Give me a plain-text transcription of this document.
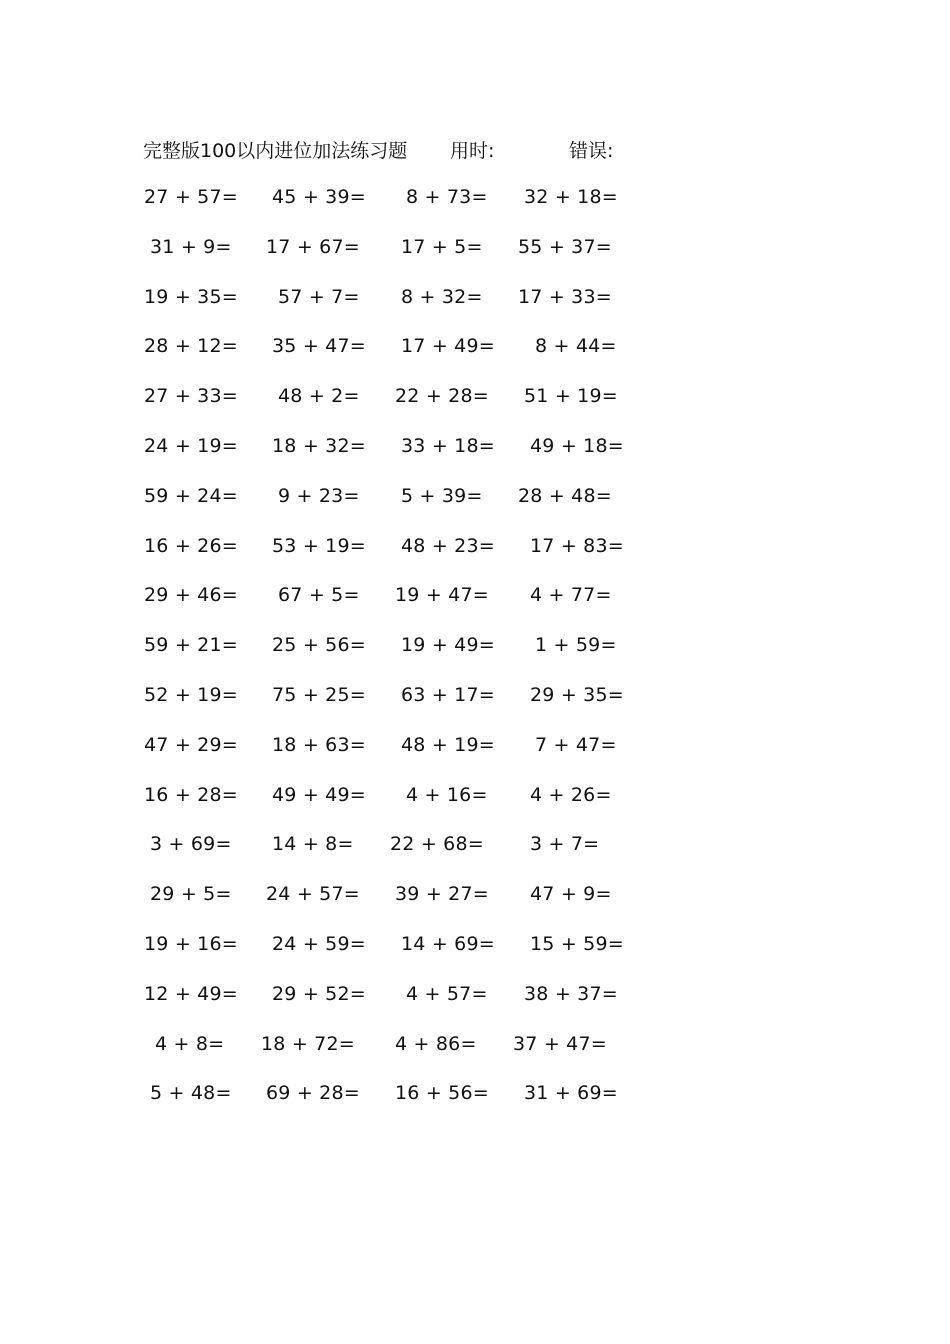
完整版100以内进位加法练习题

用时:

	错误:

27 + 57= 45 + 39= 8 + 73= 32 + 18=
31 + 9= 17 + 67= 17 + 5= 55 + 37=
19 + 35= 57 + 7= 8 + 32= 17 + 33=
28 + 12= 35 + 47= 17 + 49= 8 + 44=
27 + 33= 48 + 2= 22 + 28= 51 + 19=
24 + 19= 18 + 32= 33 + 18= 49 + 18=
59 + 24= 9 + 23= 5 + 39= 28 + 48=
16 + 26= 53 + 19= 48 + 23= 17 + 83=
29 + 46= 67 + 5= 19 + 47= 4 + 77=
59 + 21= 25 + 56= 19 + 49= 1 + 59=
52 + 19= 75 + 25= 63 + 17= 29 + 35=
47 + 29= 18 + 63= 48 + 19= 7 + 47=
16 + 28= 49 + 49= 4 + 16= 4 + 26=
3 + 69= 14 + 8= 22 + 68= 3 + 7=
29 + 5= 24 + 57= 39 + 27= 47 + 9=
19 + 16= 24 + 59= 14 + 69= 15 + 59=
12 + 49= 29 + 52= 4 + 57= 38 + 37=
4 + 8= 18 + 72= 4 + 86= 37 + 47=
5 + 48= 69 + 28= 16 + 56= 31 + 69=
